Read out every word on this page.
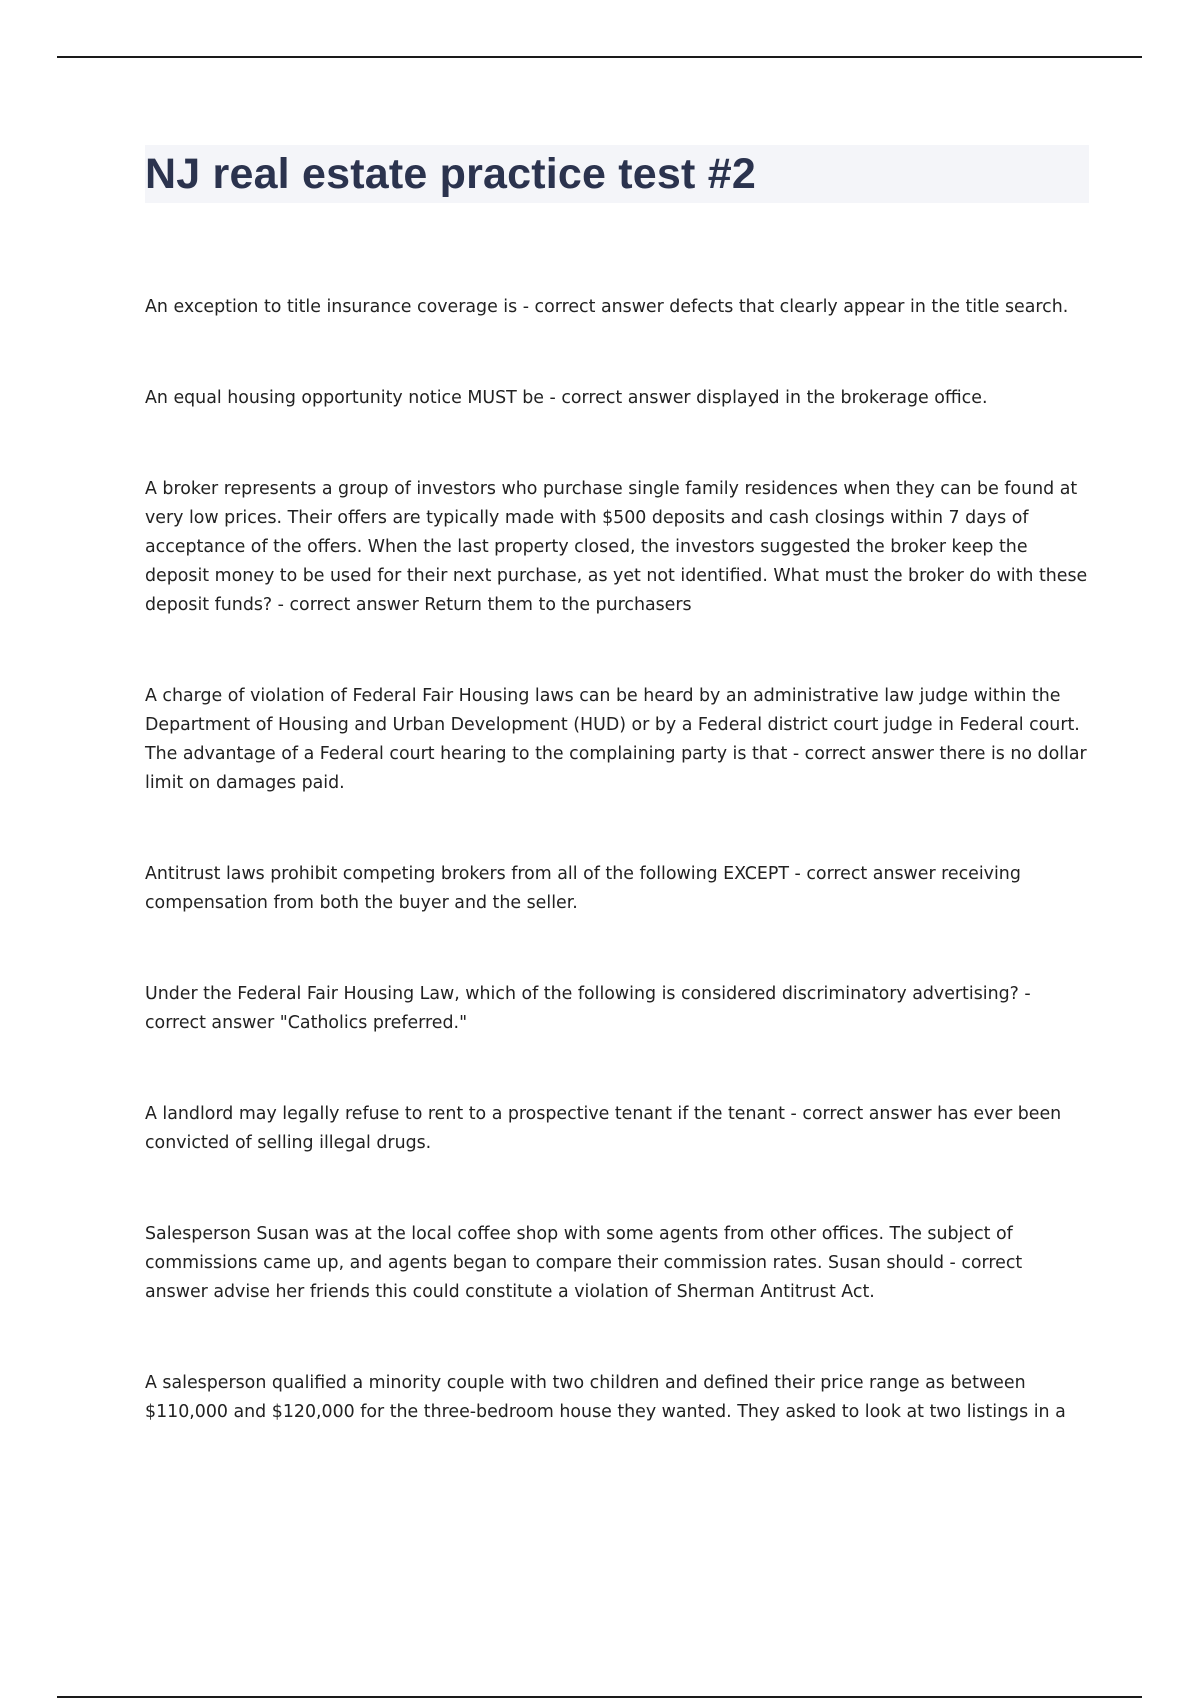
NJ real estate practice test #2

An exception to title insurance coverage is - correct answer defects that clearly appear in the title search.

An equal housing opportunity notice MUST be - correct answer displayed in the brokerage office.

A broker represents a group of investors who purchase single family residences when they can be found at very low prices. Their offers are typically made with $500 deposits and cash closings within 7 days of acceptance of the offers. When the last property closed, the investors suggested the broker keep the deposit money to be used for their next purchase, as yet not identified. What must the broker do with these deposit funds? - correct answer Return them to the purchasers

A charge of violation of Federal Fair Housing laws can be heard by an administrative law judge within the Department of Housing and Urban Development (HUD) or by a Federal district court judge in Federal court. The advantage of a Federal court hearing to the complaining party is that - correct answer there is no dollar limit on damages paid.

Antitrust laws prohibit competing brokers from all of the following EXCEPT - correct answer receiving compensation from both the buyer and the seller.

Under the Federal Fair Housing Law, which of the following is considered discriminatory advertising? - correct answer "Catholics preferred."

A landlord may legally refuse to rent to a prospective tenant if the tenant - correct answer has ever been convicted of selling illegal drugs.

Salesperson Susan was at the local coffee shop with some agents from other offices. The subject of commissions came up, and agents began to compare their commission rates. Susan should - correct answer advise her friends this could constitute a violation of Sherman Antitrust Act.

A salesperson qualified a minority couple with two children and defined their price range as between $110,000 and $120,000 for the three-bedroom house they wanted. They asked to look at two listings in a
